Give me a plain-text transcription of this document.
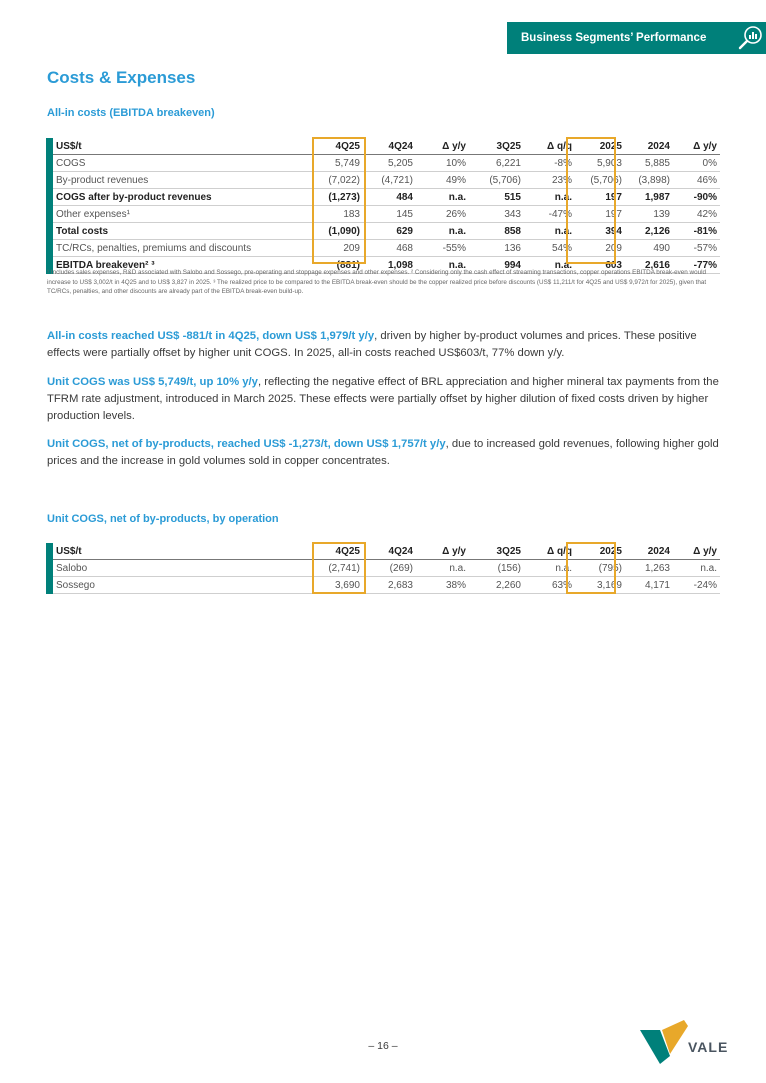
Business Segments’ Performance
Costs & Expenses
All-in costs (EBITDA breakeven)
	US$/t	4Q25	4Q24	Δ y/y	3Q25	Δ q/q	2025	2024	Δ y/y
	COGS	5,749	5,205	10%	6,221	-8%	5,903	5,885	0%
	By-product revenues	(7,022)	(4,721)	49%	(5,706)	23%	(5,706)	(3,898)	46%
	COGS after by-product revenues	(1,273)	484	n.a.	515	n.a.	197	1,987	-90%
	Other expenses¹	183	145	26%	343	-47%	197	139	42%
	Total costs	(1,090)	629	n.a.	858	n.a.	394	2,126	-81%
	TC/RCs, penalties, premiums and discounts	209	468	-55%	136	54%	209	490	-57%
	EBITDA breakeven² ³	(881)	1,098	n.a.	994	n.a.	603	2,616	-77%
¹ Includes sales expenses, R&D associated with Salobo and Sossego, pre-operating and stoppage expenses and other expenses. ² Considering only the cash effect of streaming transactions, copper operations EBITDA break-even would increase to US$ 3,002/t in 4Q25 and to US$ 3,827 in 2025. ³ The realized price to be compared to the EBITDA break-even should be the copper realized price before discounts (US$ 11,211/t for 4Q25 and US$ 9,972/t for 2025), given that TC/RCs, penalties, and other discounts are already part of the EBITDA break-even build-up.
All-in costs reached US$ -881/t in 4Q25, down US$ 1,979/t y/y, driven by higher by-product volumes and prices. These positive effects were partially offset by higher unit COGS. In 2025, all-in costs reached US$603/t, 77% down y/y.
Unit COGS was US$ 5,749/t, up 10% y/y, reflecting the negative effect of BRL appreciation and higher mineral tax payments from the TFRM rate adjustment, introduced in March 2025. These effects were partially offset by higher dilution of fixed costs driven by higher production levels.
Unit COGS, net of by-products, reached US$ -1,273/t, down US$ 1,757/t y/y, due to increased gold revenues, following higher gold prices and the increase in gold volumes sold in copper concentrates.
Unit COGS, net of by-products, by operation
	US$/t	4Q25	4Q24	Δ y/y	3Q25	Δ q/q	2025	2024	Δ y/y
	Salobo	(2,741)	(269)	n.a.	(156)	n.a.	(795)	1,263	n.a.
	Sossego	3,690	2,683	38%	2,260	63%	3,169	4,171	-24%
– 16 –	VALE
